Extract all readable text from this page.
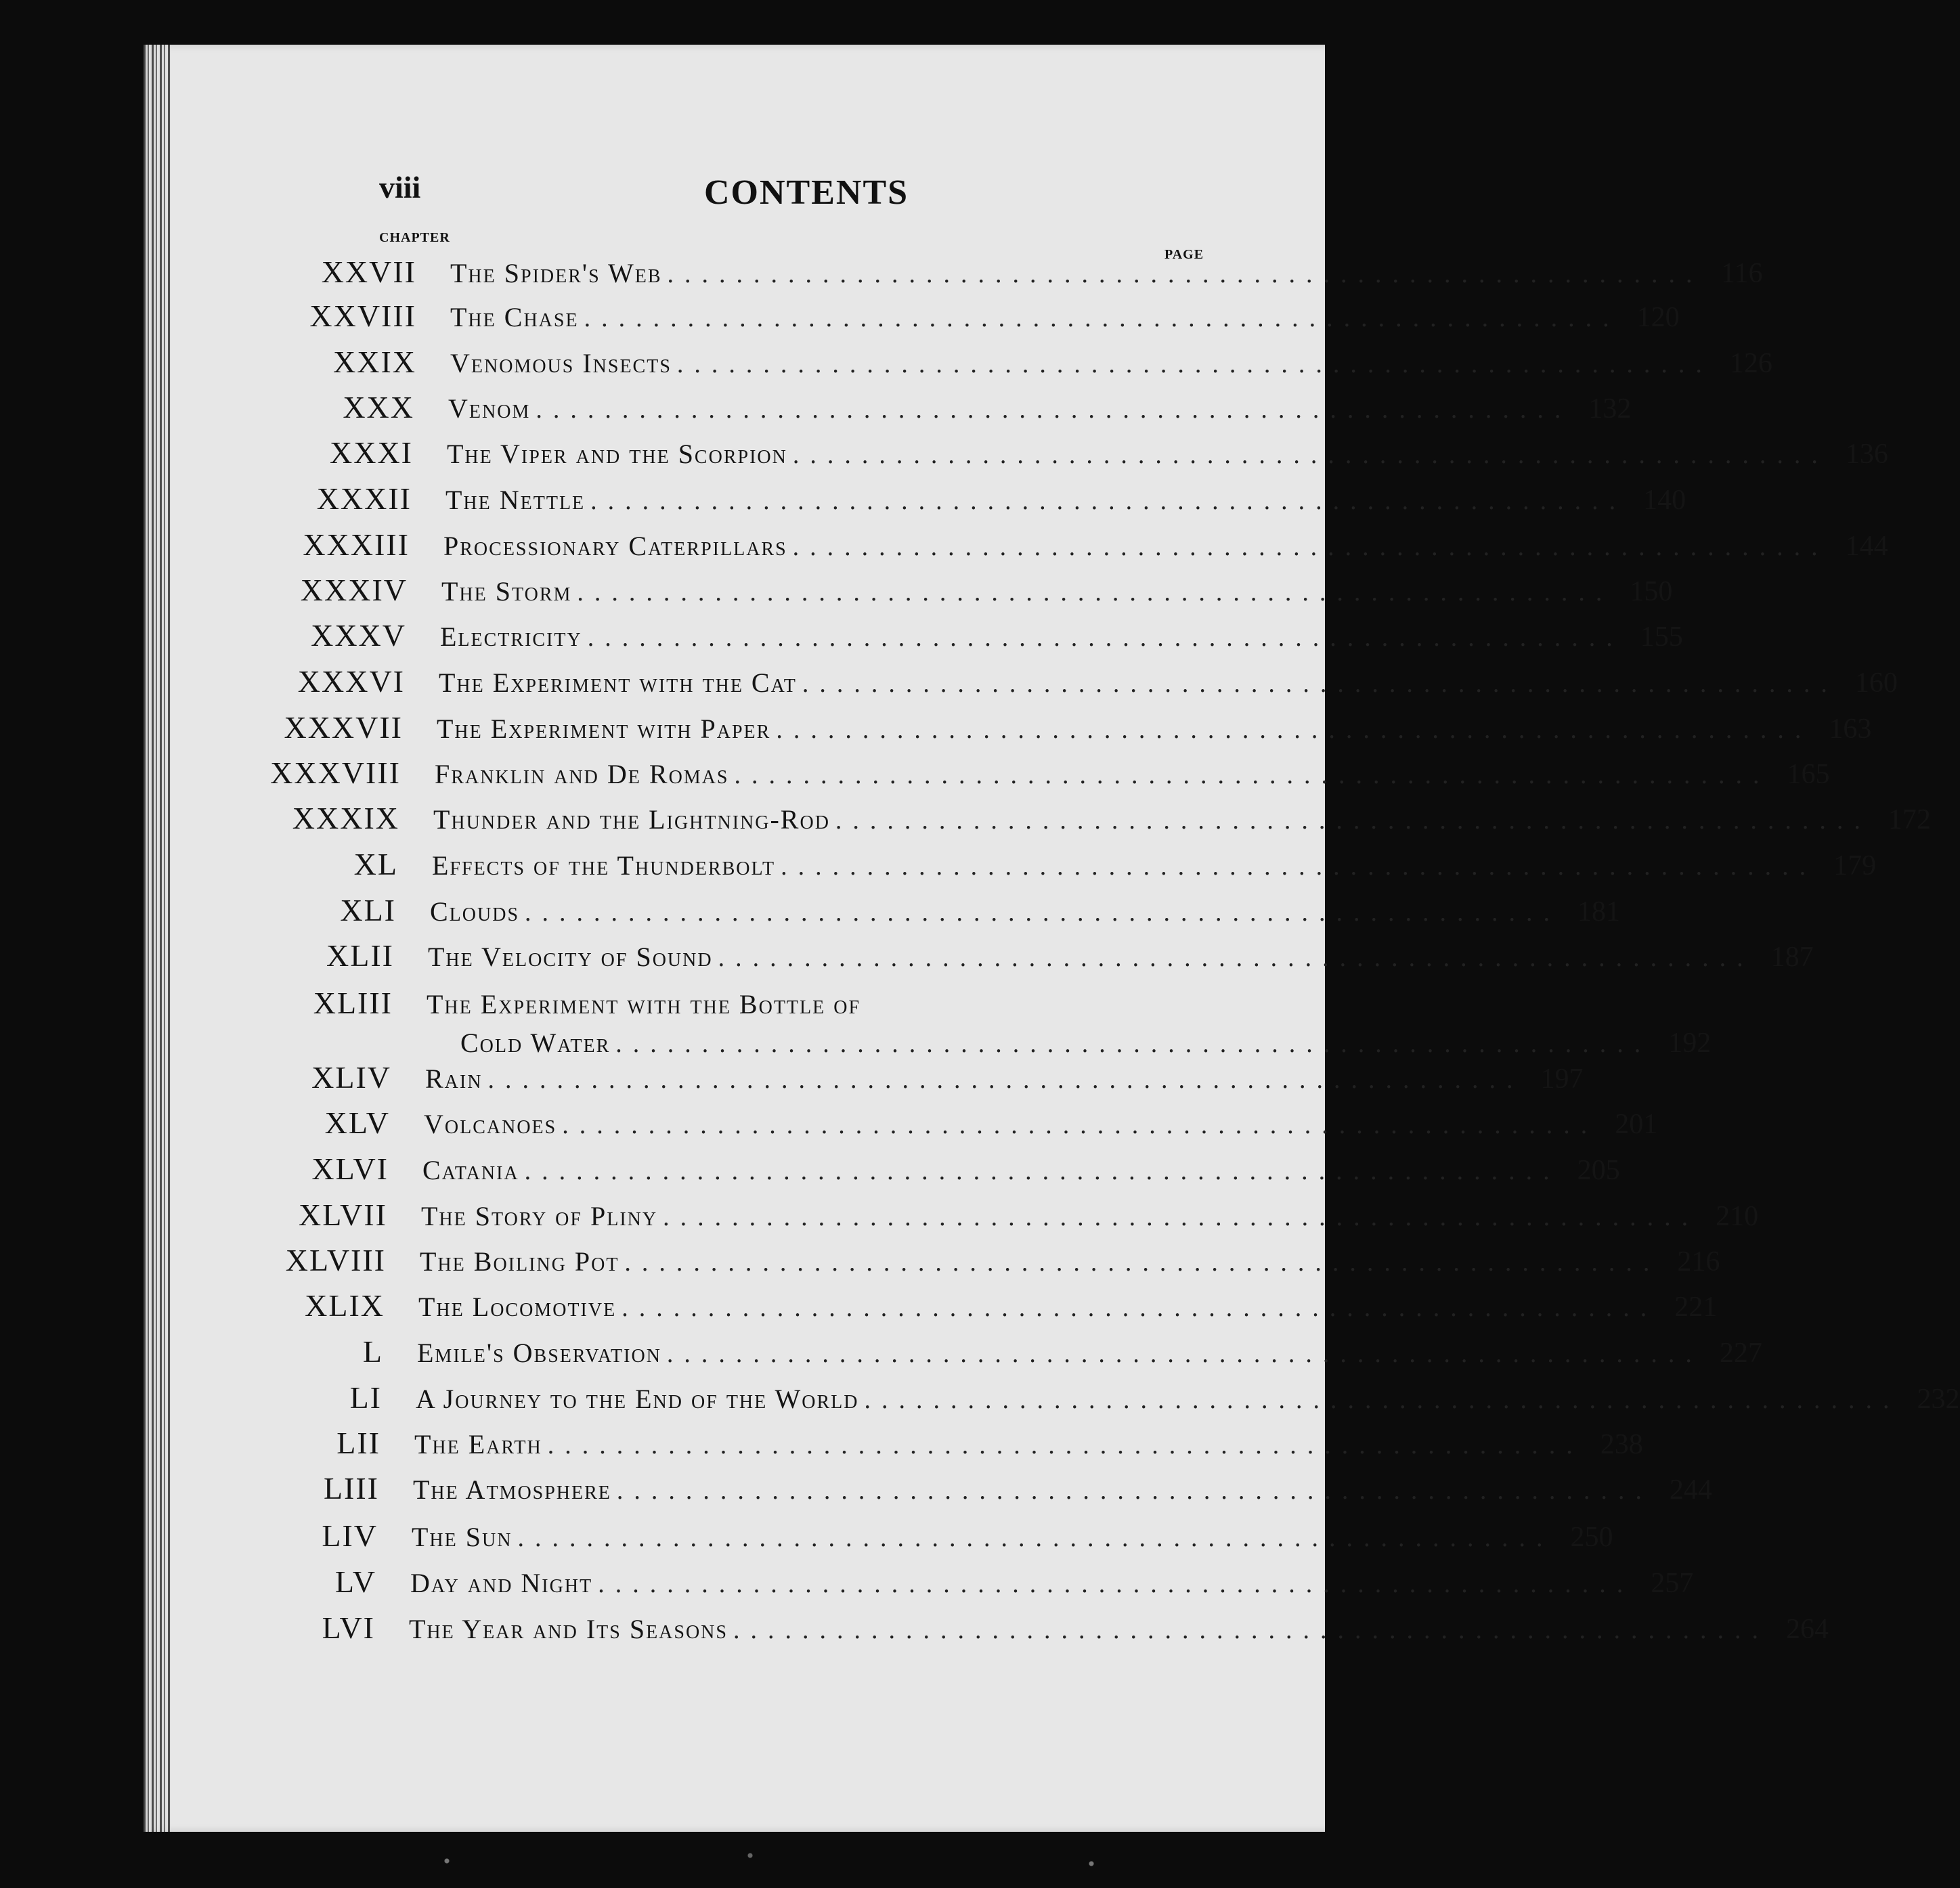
viii	CONTENTS
CHAPTER
PAGE
XXVII The Spider's Web ............................................................ 116
XXVIII The Chase ............................................................ 120
XXIX Venomous Insects ............................................................ 126
XXX Venom ............................................................ 132
XXXI The Viper and the Scorpion ............................................................ 136
XXXII The Nettle ............................................................ 140
XXXIII Processionary Caterpillars ............................................................ 144
XXXIV The Storm ............................................................ 150
XXXV Electricity ............................................................ 155
XXXVI The Experiment with the Cat ............................................................ 160
XXXVII The Experiment with Paper ............................................................ 163
XXXVIII Franklin and De Romas ............................................................ 165
XXXIX Thunder and the Lightning-Rod ............................................................ 172
XL Effects of the Thunderbolt ............................................................ 179
XLI Clouds ............................................................ 181
XLII The Velocity of Sound ............................................................ 187
XLIII The Experiment with the Bottle of
Cold Water ............................................................ 192
XLIV Rain ............................................................ 197
XLV Volcanoes ............................................................ 201
XLVI Catania ............................................................ 205
XLVII The Story of Pliny ............................................................ 210
XLVIII The Boiling Pot ............................................................ 216
XLIX The Locomotive ............................................................ 221
L Emile's Observation ............................................................ 227
LI A Journey to the End of the World ............................................................ 232
LII The Earth ............................................................ 238
LIII The Atmosphere ............................................................ 244
LIV The Sun ............................................................ 250
LV Day and Night ............................................................ 257
LVI The Year and Its Seasons ............................................................ 264
